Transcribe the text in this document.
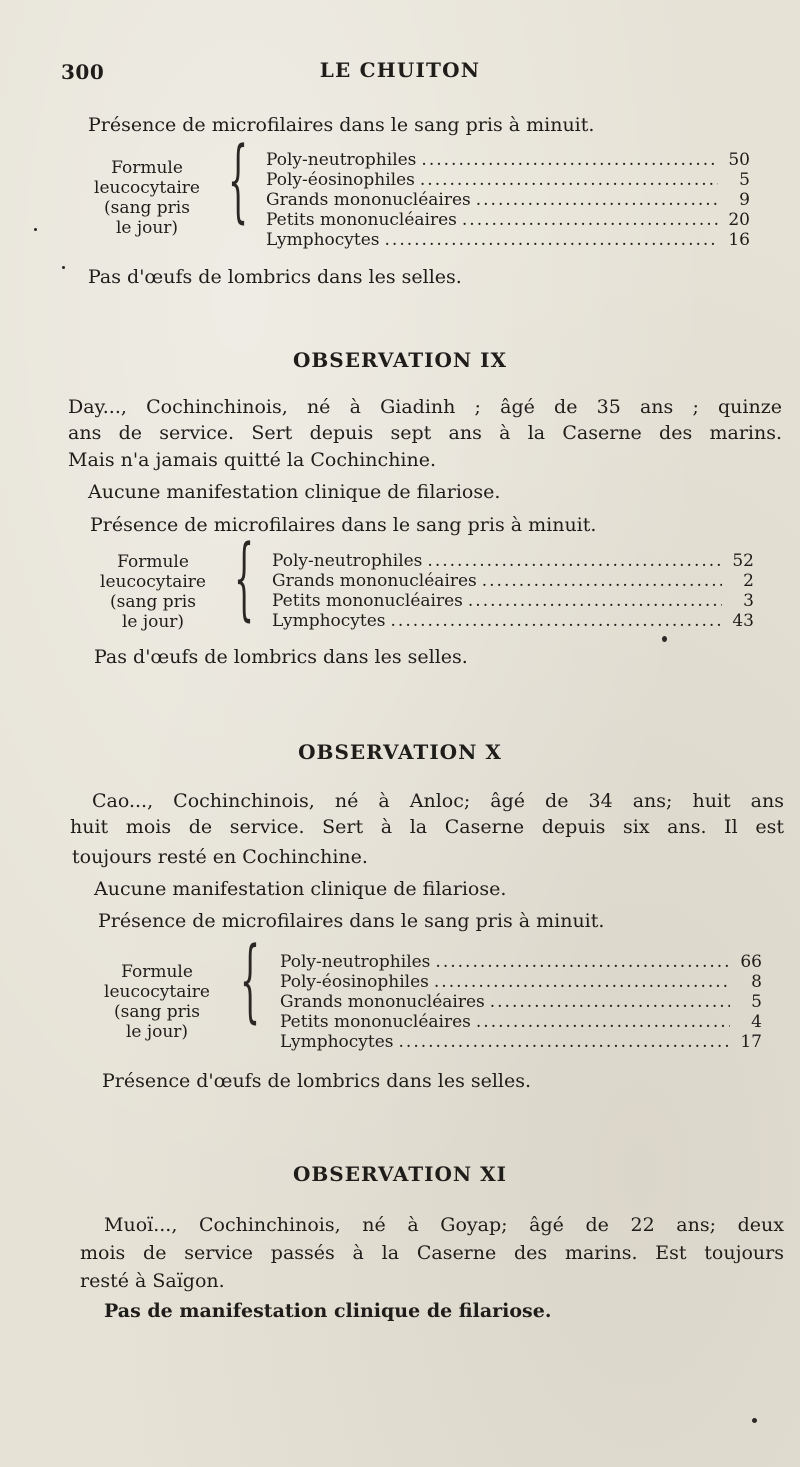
300	LE CHUITON
Présence de microfilaires dans le sang pris à minuit.
Formule
leucocytaire
(sang pris
le jour) { Poly-neutrophiles .....	50
Poly-éosinophiles .....	5
Grands mononucléaires .....	9
Petits mononucléaires .....	20
Lymphocytes .....	16
Pas d'œufs de lombrics dans les selles.
OBSERVATION IX
Day..., Cochinchinois, né à Giadinh ; âgé de 35 ans ; quinze
ans de service. Sert depuis sept ans à la Caserne des marins.
Mais n'a jamais quitté la Cochinchine.
Aucune manifestation clinique de filariose.
Présence de microfilaires dans le sang pris à minuit.
Formule
leucocytaire
(sang pris
le jour) { Poly-neutrophiles .....	52
Grands mononucléaires .....	2
Petits mononucléaires .....	3
Lymphocytes .....	43
Pas d'œufs de lombrics dans les selles.
OBSERVATION X
Cao..., Cochinchinois, né à Anloc; âgé de 34 ans; huit ans
huit mois de service. Sert à la Caserne depuis six ans. Il est
toujours resté en Cochinchine.
Aucune manifestation clinique de filariose.
Présence de microfilaires dans le sang pris à minuit.
Formule
leucocytaire
(sang pris
le jour) { Poly-neutrophiles .....	66
Poly-éosinophiles .....	8
Grands mononucléaires .....	5
Petits mononucléaires .....	4
Lymphocytes .....	17
Présence d'œufs de lombrics dans les selles.
OBSERVATION XI
Muoï..., Cochinchinois, né à Goyap; âgé de 22 ans; deux
mois de service passés à la Caserne des marins. Est toujours
resté à Saïgon.
Pas de manifestation clinique de filariose.
